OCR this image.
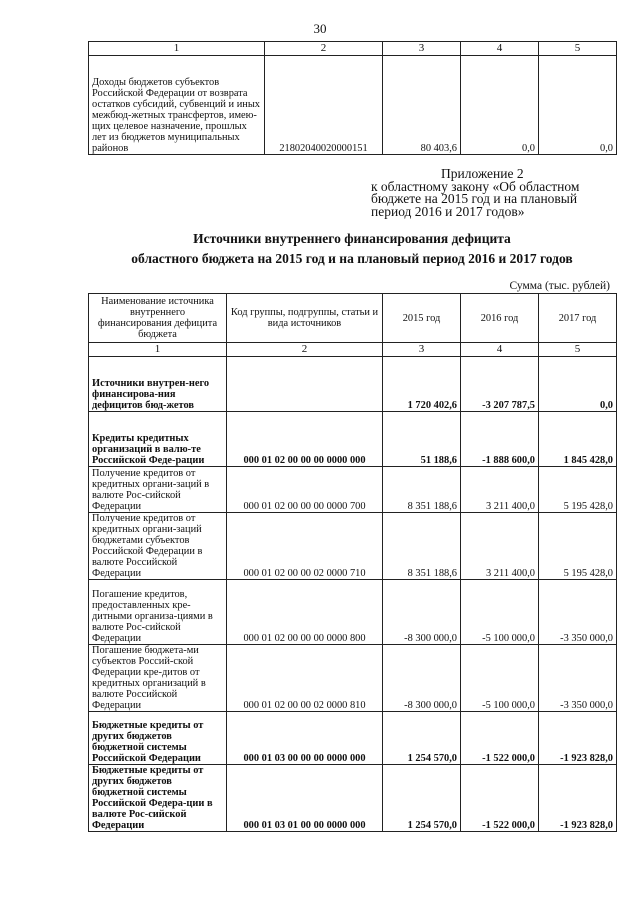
30
1	2	3	4	5
Доходы бюджетов субъектов Российской Федерации от возврата остатков субсидий, субвенций и иных межбюд-жетных трансфертов, имею-щих целевое назначение, прошлых лет из бюджетов муниципальных районов	21802040020000151	80 403,6	0,0	0,0
Приложение 2
к областному закону «Об областном
бюджете на 2015 год и на плановый
период 2016 и 2017 годов»
Источники внутреннего финансирования дефицита
областного бюджета на 2015 год и на плановый период 2016 и 2017 годов
Сумма (тыс. рублей)
Наименование источника внутреннего финансирования дефицита бюджета	Код группы, подгруппы, статьи и вида источников	2015 год	2016 год	2017 год
1	2	3	4	5
Источники внутрен-него финансирова-ния дефицитов бюд-жетов		1 720 402,6	-3 207 787,5	0,0
Кредиты кредитных организаций в валю-те Российской Феде-рации	000 01 02 00 00 00 0000 000	51 188,6	-1 888 600,0	1 845 428,0
Получение кредитов от кредитных органи-заций в валюте Рос-сийской Федерации	000 01 02 00 00 00 0000 700	8 351 188,6	3 211 400,0	5 195 428,0
Получение кредитов от кредитных органи-заций бюджетами субъектов Российской Федерации в валюте Российской Федерации	000 01 02 00 00 02 0000 710	8 351 188,6	3 211 400,0	5 195 428,0
Погашение кредитов, предоставленных кре-дитными организа-циями в валюте Рос-сийской Федерации	000 01 02 00 00 00 0000 800	-8 300 000,0	-5 100 000,0	-3 350 000,0
Погашение бюджета-ми субъектов Россий-ской Федерации кре-дитов от кредитных организаций в валюте Российской Федерации	000 01 02 00 00 02 0000 810	-8 300 000,0	-5 100 000,0	-3 350 000,0
Бюджетные кредиты от других бюджетов бюджетной системы Российской Федерации	000 01 03 00 00 00 0000 000	1 254 570,0	-1 522 000,0	-1 923 828,0
Бюджетные кредиты от других бюджетов бюджетной системы Российской Федера-ции в валюте Рос-сийской Федерации	000 01 03 01 00 00 0000 000	1 254 570,0	-1 522 000,0	-1 923 828,0
